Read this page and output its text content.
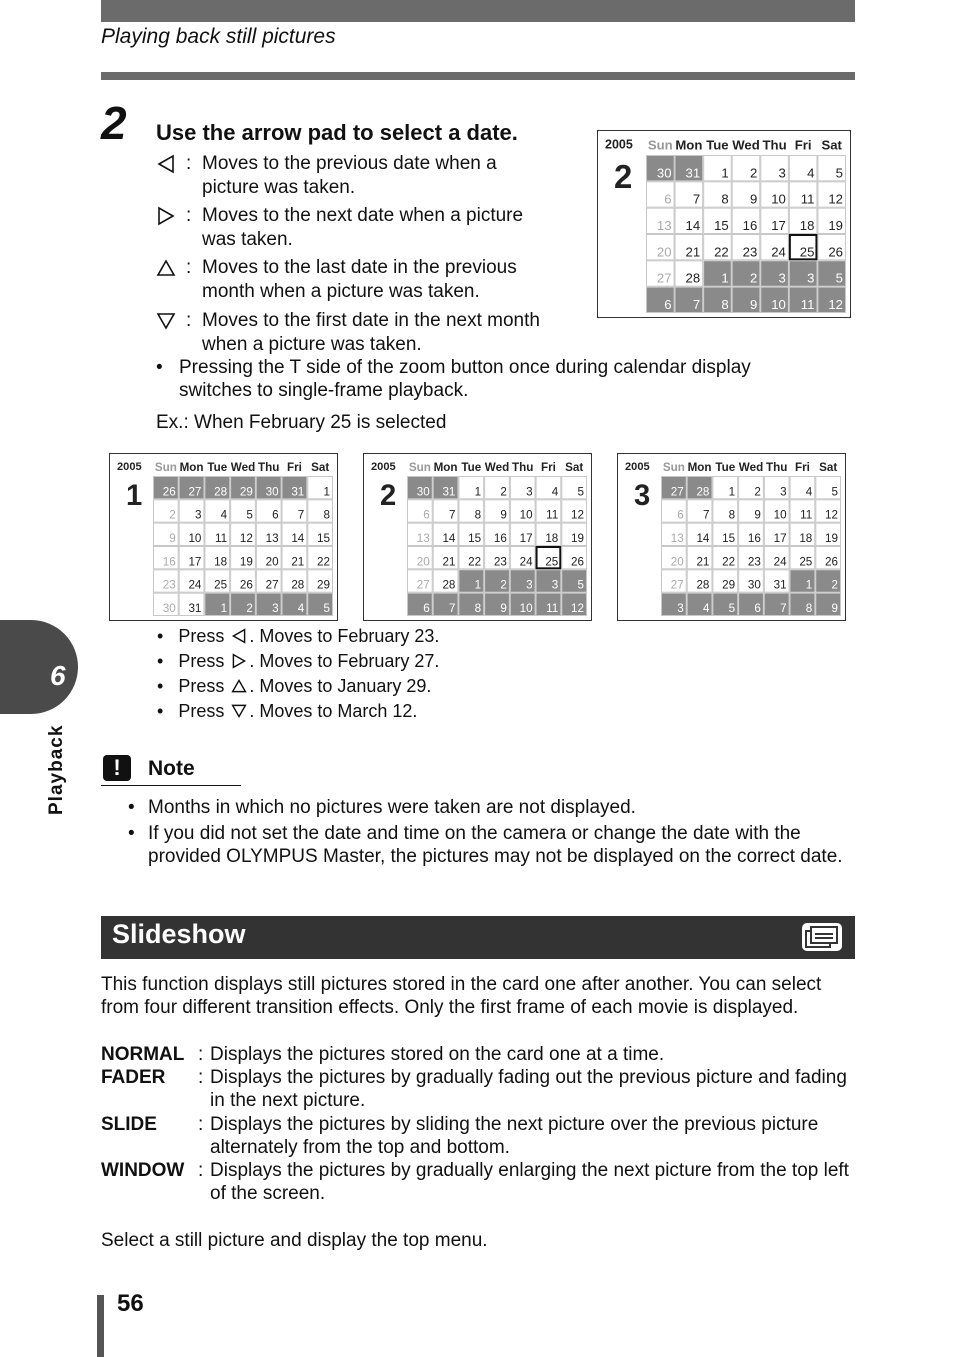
Playing back still pictures
2 Use the arrow pad to select a date.
: Moves to the previous date when a picture was taken.
: Moves to the next date when a picture was taken.
: Moves to the last date in the previous month when a picture was taken.
: Moves to the first date in the next month when a picture was taken.
• Pressing the T side of the zoom button once during calendar display switches to single-frame playback.
Ex.: When February 25 is selected
2005
2
Sun Mon Tue Wed Thu Fri Sat
30 31 1 2 3 4 5
6 7 8 9 10 11 12
13 14 15 16 17 18 19
20 21 22 23 24 25 26
27 28 1 2 3 3 5
6 7 8 9 10 11 12
2005
1
Sun Mon Tue Wed Thu Fri Sat
26 27 28 29 30 31 1
2 3 4 5 6 7 8
9 10 11 12 13 14 15
16 17 18 19 20 21 22
23 24 25 26 27 28 29
30 31 1 2 3 4 5
2005
2
Sun Mon Tue Wed Thu Fri Sat
30 31 1 2 3 4 5
6 7 8 9 10 11 12
13 14 15 16 17 18 19
20 21 22 23 24 25 26
27 28 1 2 3 3 5
6 7 8 9 10 11 12
2005
3
Sun Mon Tue Wed Thu Fri Sat
27 28 1 2 3 4 5
6 7 8 9 10 11 12
13 14 15 16 17 18 19
20 21 22 23 24 25 26
27 28 29 30 31 1 2
3 4 5 6 7 8 9
•   Press . Moves to February 23.
•   Press . Moves to February 27.
•   Press . Moves to January 29.
•   Press . Moves to March 12.
6
Playback	!	Note
• Months in which no pictures were taken are not displayed.
• If you did not set the date and time on the camera or change the date with the provided OLYMPUS Master, the pictures may not be displayed on the correct date.
Slideshow
This function displays still pictures stored in the card one after another. You can select from four different transition effects. Only the first frame of each movie is displayed.
NORMAL : Displays the pictures stored on the card one at a time.
FADER : Displays the pictures by gradually fading out the previous picture and fading in the next picture.
SLIDE : Displays the pictures by sliding the next picture over the previous picture alternately from the top and bottom.
WINDOW : Displays the pictures by gradually enlarging the next picture from the top left of the screen.
Select a still picture and display the top menu.
56
